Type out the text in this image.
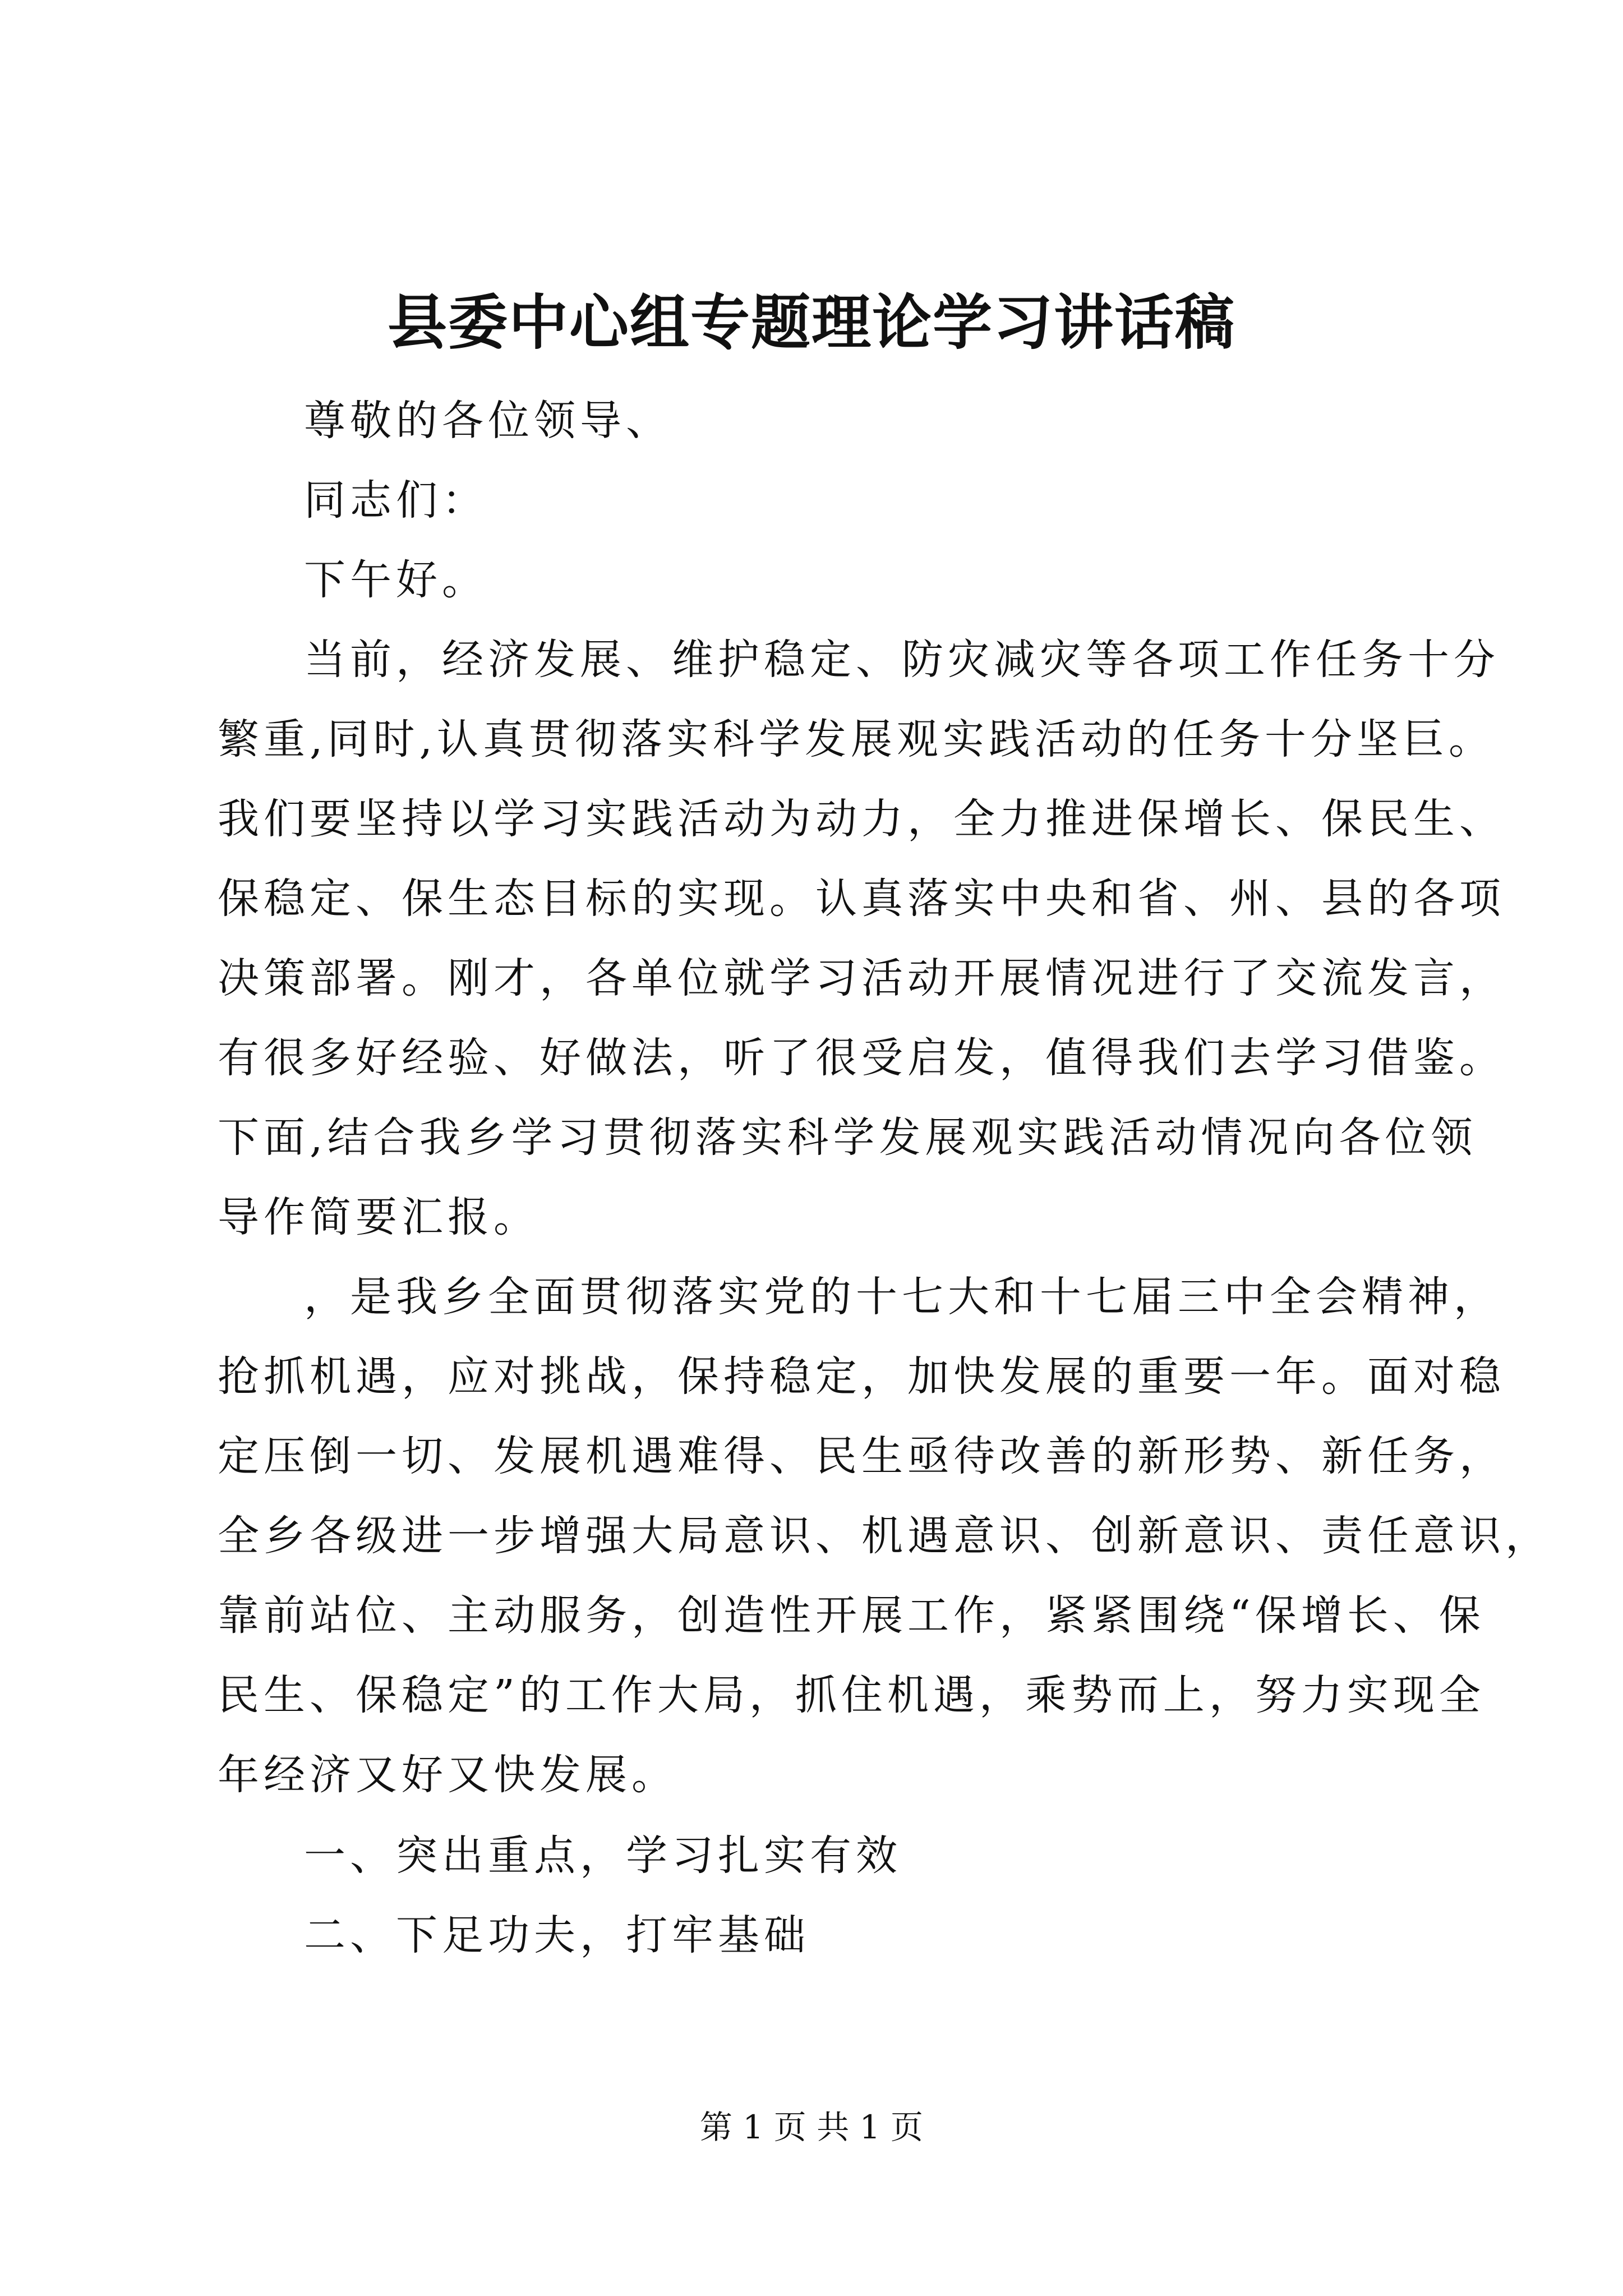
县委中心组专题理论学习讲话稿
尊敬的各位领导、
同志们：
下午好。
当前，经济发展、维护稳定、防灾减灾等各项工作任务十分
繁重,同时,认真贯彻落实科学发展观实践活动的任务十分坚巨。
我们要坚持以学习实践活动为动力，全力推进保增长、保民生、
保稳定、保生态目标的实现。认真落实中央和省、州、县的各项
决策部署。刚才，各单位就学习活动开展情况进行了交流发言，
有很多好经验、好做法，听了很受启发，值得我们去学习借鉴。
下面,结合我乡学习贯彻落实科学发展观实践活动情况向各位领
导作简要汇报。
，是我乡全面贯彻落实党的十七大和十七届三中全会精神，
抢抓机遇，应对挑战，保持稳定，加快发展的重要一年。面对稳
定压倒一切、发展机遇难得、民生亟待改善的新形势、新任务，
全乡各级进一步增强大局意识、机遇意识、创新意识、责任意识，
靠前站位、主动服务，创造性开展工作，紧紧围绕“保增长、保
民生、保稳定”的工作大局，抓住机遇，乘势而上，努力实现全
年经济又好又快发展。
一、突出重点，学习扎实有效
二、下足功夫，打牢基础
第 1 页 共 1 页
